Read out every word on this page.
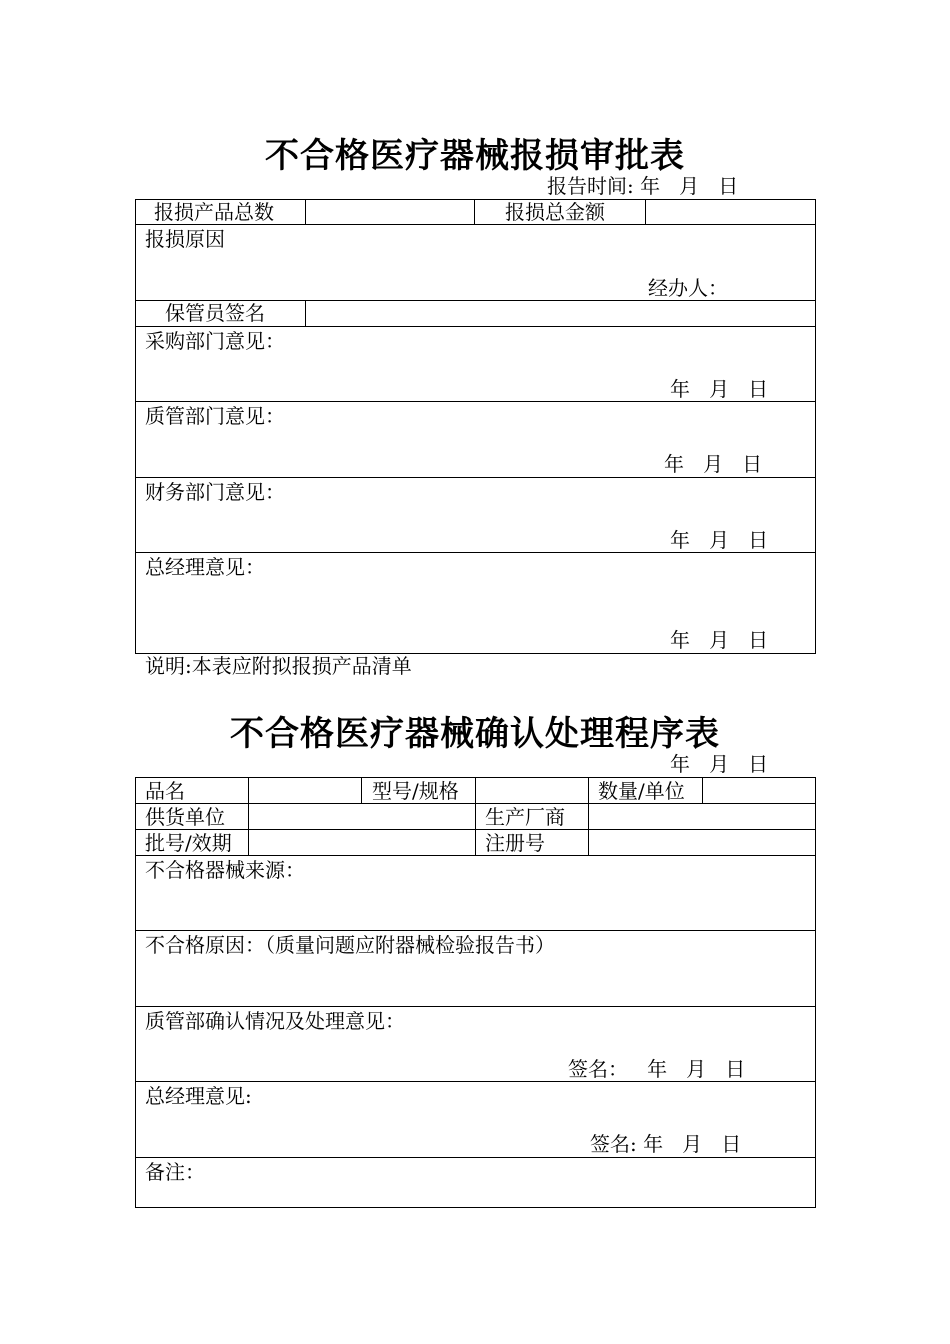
不合格医疗器械报损审批表
报告时间: 年   月   日
报损产品总数	报损总金额
报损原因
经办人：
保管员签名
采购部门意见：
年   月   日
质管部门意见：
年   月   日
财务部门意见：
年   月   日
总经理意见：
年   月   日
说明:本表应附拟报损产品清单
不合格医疗器械确认处理程序表
年   月   日
品名	型号/规格	数量/单位
供货单位	生产厂商
批号/效期	注册号
不合格器械来源：
不合格原因：（质量问题应附器械检验报告书）
质管部确认情况及处理意见：
签名：   年   月   日
总经理意见:
签名: 年   月   日
备注：
